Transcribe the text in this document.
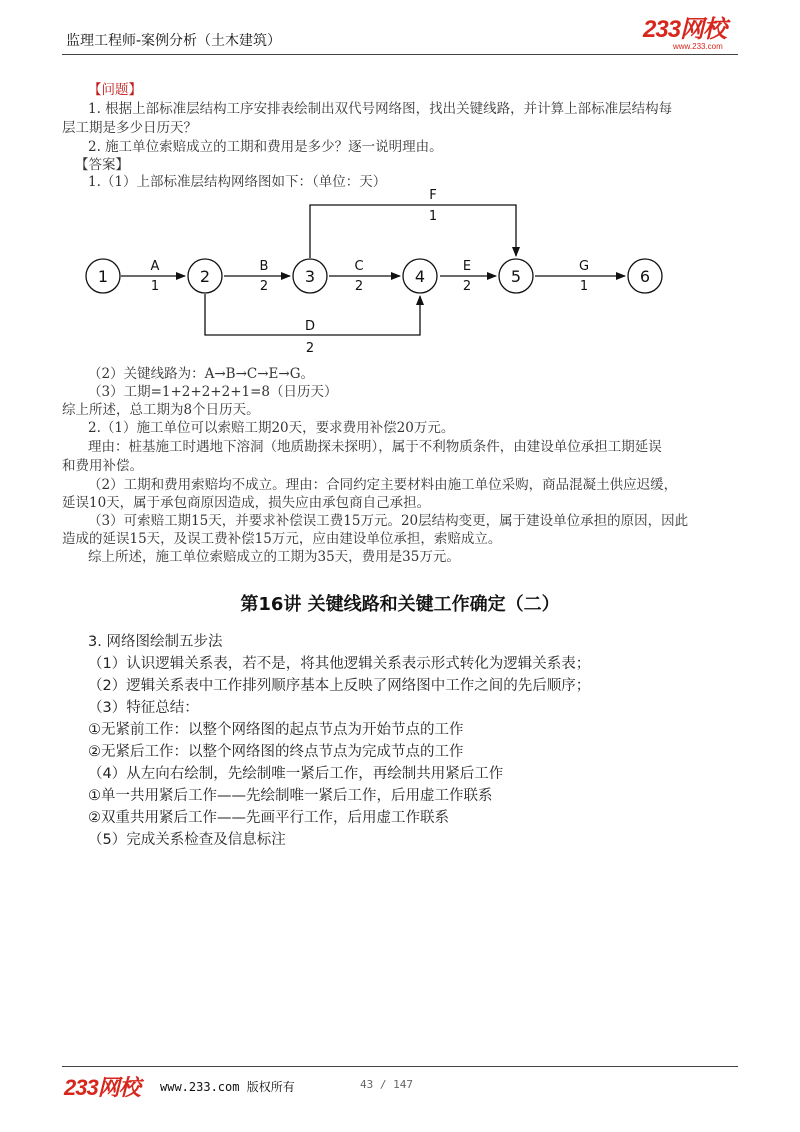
监理工程师-案例分析（土木建筑）	233网校
www.233.com
【问题】
1. 根据上部标准层结构工序安排表绘制出双代号网络图，找出关键线路，并计算上部标准层结构每
层工期是多少日历天？
2. 施工单位索赔成立的工期和费用是多少？逐一说明理由。
【答案】
1.（1）上部标准层结构网络图如下：（单位：天）
1	2	3	4	5	6
A
1
B
2
C
2
E
2
G
1
F
1
D
2
（2）关键线路为：A→B→C→E→G。
（3）工期=1+2+2+2+1=8（日历天）
综上所述，总工期为8个日历天。
2.（1）施工单位可以索赔工期20天，要求费用补偿20万元。
理由：桩基施工时遇地下溶洞（地质勘探未探明），属于不利物质条件，由建设单位承担工期延误
和费用补偿。
（2）工期和费用索赔均不成立。理由：合同约定主要材料由施工单位采购，商品混凝土供应迟缓，
延误10天，属于承包商原因造成，损失应由承包商自己承担。
（3）可索赔工期15天，并要求补偿误工费15万元。20层结构变更，属于建设单位承担的原因，因此
造成的延误15天，及误工费补偿15万元，应由建设单位承担，索赔成立。
综上所述，施工单位索赔成立的工期为35天，费用是35万元。
第16讲 关键线路和关键工作确定（二）
3. 网络图绘制五步法
（1）认识逻辑关系表，若不是，将其他逻辑关系表示形式转化为逻辑关系表；
（2）逻辑关系表中工作排列顺序基本上反映了网络图中工作之间的先后顺序；
（3）特征总结：
①无紧前工作：以整个网络图的起点节点为开始节点的工作
②无紧后工作：以整个网络图的终点节点为完成节点的工作
（4）从左向右绘制，先绘制唯一紧后工作，再绘制共用紧后工作
①单一共用紧后工作——先绘制唯一紧后工作，后用虚工作联系
②双重共用紧后工作——先画平行工作，后用虚工作联系
（5）完成关系检查及信息标注
233网校 www.233.com 版权所有	43 / 147
